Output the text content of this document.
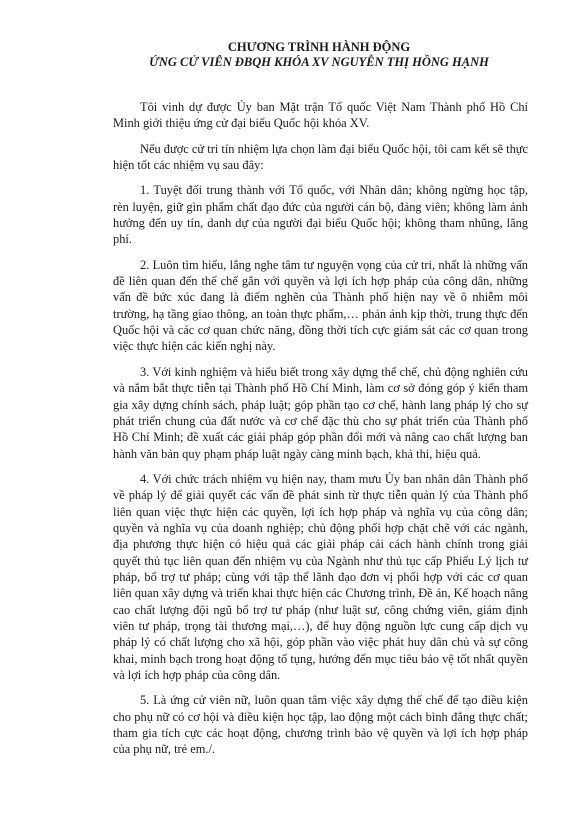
CHƯƠNG TRÌNH HÀNH ĐỘNG
ỨNG CỬ VIÊN ĐBQH KHÓA XV NGUYỄN THỊ HỒNG HẠNH

Tôi vinh dự được Ủy ban Mặt trận Tổ quốc Việt Nam Thành phố Hồ Chí Minh giới thiệu ứng cử đại biểu Quốc hội khóa XV.

Nếu được cử tri tín nhiệm lựa chọn làm đại biểu Quốc hội, tôi cam kết sẽ thực hiện tốt các nhiệm vụ sau đây:

1. Tuyệt đối trung thành với Tổ quốc, với Nhân dân; không ngừng học tập, rèn luyện, giữ gìn phẩm chất đạo đức của người cán bộ, đảng viên; không làm ảnh hưởng đến uy tín, danh dự của người đại biểu Quốc hội; không tham nhũng, lãng phí.

2. Luôn tìm hiểu, lắng nghe tâm tư nguyện vọng của cử tri, nhất là những vấn đề liên quan đến thể chế gắn với quyền và lợi ích hợp pháp của công dân, những vấn đề bức xúc đang là điểm nghẽn của Thành phố hiện nay về ô nhiễm môi trường, hạ tầng giao thông, an toàn thực phẩm,… phản ánh kịp thời, trung thực đến Quốc hội và các cơ quan chức năng, đồng thời tích cực giám sát các cơ quan trong việc thực hiện các kiến nghị này.

3. Với kinh nghiệm và hiểu biết trong xây dựng thể chế, chủ động nghiên cứu và nắm bắt thực tiễn tại Thành phố Hồ Chí Minh, làm cơ sở đóng góp ý kiến tham gia xây dựng chính sách, pháp luật; góp phần tạo cơ chế, hành lang pháp lý cho sự phát triển chung của đất nước và cơ chế đặc thù cho sự phát triển của Thành phố Hồ Chí Minh; đề xuất các giải pháp góp phần đổi mới và nâng cao chất lượng ban hành văn bản quy phạm pháp luật ngày càng minh bạch, khả thi, hiệu quả.

4. Với chức trách nhiệm vụ hiện nay, tham mưu Ủy ban nhân dân Thành phố về pháp lý để giải quyết các vấn đề phát sinh từ thực tiễn quản lý của Thành phố liên quan việc thực hiện các quyền, lợi ích hợp pháp và nghĩa vụ của công dân; quyền và nghĩa vụ của doanh nghiệp; chủ động phối hợp chặt chẽ với các ngành, địa phương thực hiện có hiệu quả các giải pháp cải cách hành chính trong giải quyết thủ tục liên quan đến nhiệm vụ của Ngành như thủ tục cấp Phiếu Lý lịch tư pháp, bổ trợ tư pháp; cùng với tập thể lãnh đạo đơn vị phối hợp với các cơ quan liên quan xây dựng và triển khai thực hiện các Chương trình, Đề án, Kế hoạch nâng cao chất lượng đội ngũ bổ trợ tư pháp (như luật sư, công chứng viên, giám định viên tư pháp, trọng tài thương mại,…), để huy động nguồn lực cung cấp dịch vụ pháp lý có chất lượng cho xã hội, góp phần vào việc phát huy dân chủ và sự công khai, minh bạch trong hoạt động tố tụng, hướng đến mục tiêu bảo vệ tốt nhất quyền và lợi ích hợp pháp của công dân.

5. Là ứng cử viên nữ, luôn quan tâm việc xây dựng thể chế để tạo điều kiện cho phụ nữ có cơ hội và điều kiện học tập, lao động một cách bình đẳng thực chất; tham gia tích cực các hoạt động, chương trình bảo vệ quyền và lợi ích hợp pháp của phụ nữ, trẻ em./.
